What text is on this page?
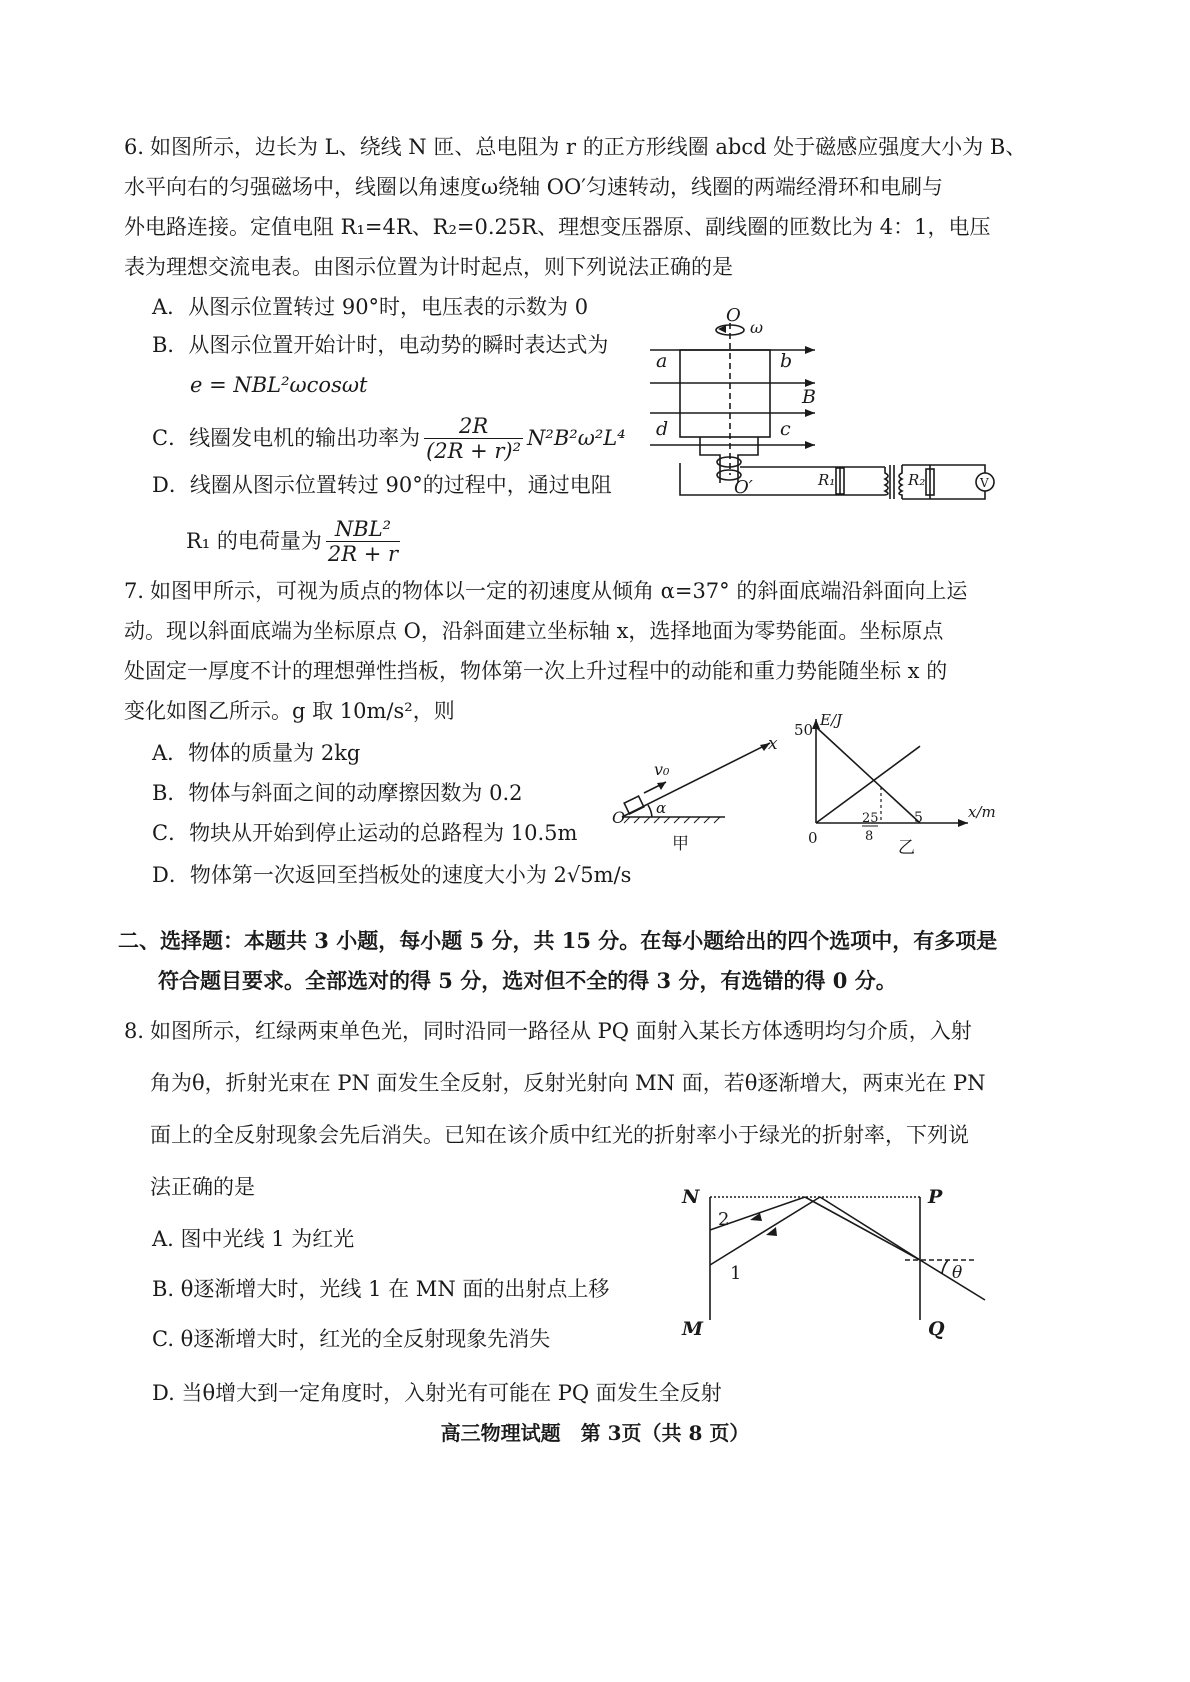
6．
如图所示，边长为 L、绕线 N 匝、总电阻为 r 的正方形线圈 abcd 处于磁感应强度大小为 B、
水平向右的匀强磁场中，线圈以角速度ω绕轴 OO′匀速转动，线圈的两端经滑环和电刷与
外电路连接。定值电阻 R₁=4R、R₂=0.25R、理想变压器原、副线圈的匝数比为 4：1，电压
表为理想交流电表。由图示位置为计时起点，则下列说法正确的是
A．从图示位置转过 90°时，电压表的示数为 0
B．从图示位置开始计时，电动势的瞬时表达式为
e = NBL²ωcosωt
C．线圈发电机的输出功率为 $\frac{2R}{\text{(2R + r)²}} N^2B^2\omega^2L^4$
D．线圈从图示位置转过 90°的过程中，通过电阻
R₁ 的电荷量为 $\frac{\text{NBL²}}{2R + r}$
O
ω
a	b
B
d	c
O′	R₁	R₂	V
7．
如图甲所示，可视为质点的物体以一定的初速度从倾角 α=37° 的斜面底端沿斜面向上运
动。现以斜面底端为坐标原点 O，沿斜面建立坐标轴 x，选择地面为零势能面。坐标原点
处固定一厚度不计的理想弹性挡板，物体第一次上升过程中的动能和重力势能随坐标 x 的
变化如图乙所示。g 取 10m/s²，则
A．物体的质量为 2kg
B．物体与斜面之间的动摩擦因数为 0.2
C．物块从开始到停止运动的总路程为 10.5m
D．物体第一次返回至挡板处的速度大小为 2√5m/s
x
v₀
α
O
甲
E/J
x/m
50
0
25
8
5
乙
二、选择题：本题共 3 小题，每小题 5 分，共 15 分。在每小题给出的四个选项中，有多项是
符合题目要求。全部选对的得 5 分，选对但不全的得 3 分，有选错的得 0 分。
8．
如图所示，红绿两束单色光，同时沿同一路径从 PQ 面射入某长方体透明均匀介质，入射
角为θ，折射光束在 PN 面发生全反射，反射光射向 MN 面，若θ逐渐增大，两束光在 PN
面上的全反射现象会先后消失。已知在该介质中红光的折射率小于绿光的折射率，下列说
法正确的是
A. 图中光线 1 为红光
B. θ逐渐增大时，光线 1 在 MN 面的出射点上移
C. θ逐渐增大时，红光的全反射现象先消失
D. 当θ增大到一定角度时，入射光有可能在 PQ 面发生全反射
N	P
M	Q
2
1	θ
高三物理试题　第 3页（共 8 页）
